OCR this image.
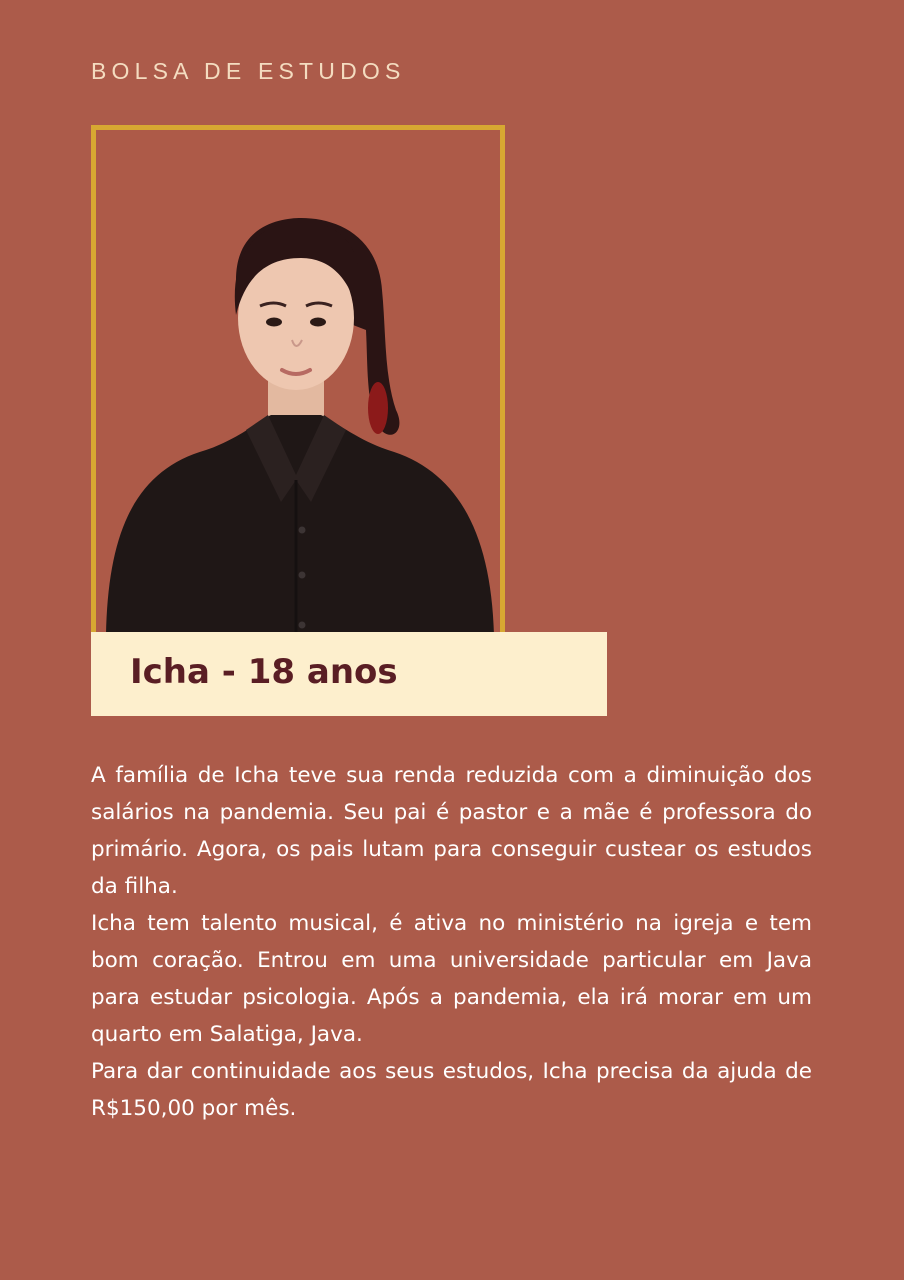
BOLSA DE ESTUDOS
Icha - 18 anos

A família de Icha teve sua renda reduzida com a diminuição dos salários na pandemia. Seu pai é pastor e a mãe é professora do primário. Agora, os pais lutam para conseguir custear os estudos da filha.

Icha tem talento musical, é ativa no ministério na igreja e tem bom coração. Entrou em uma universidade particular em Java para estudar psicologia. Após a pandemia, ela irá morar em um quarto em Salatiga, Java.

Para dar continuidade aos seus estudos, Icha precisa da ajuda de R$150,00 por mês.
